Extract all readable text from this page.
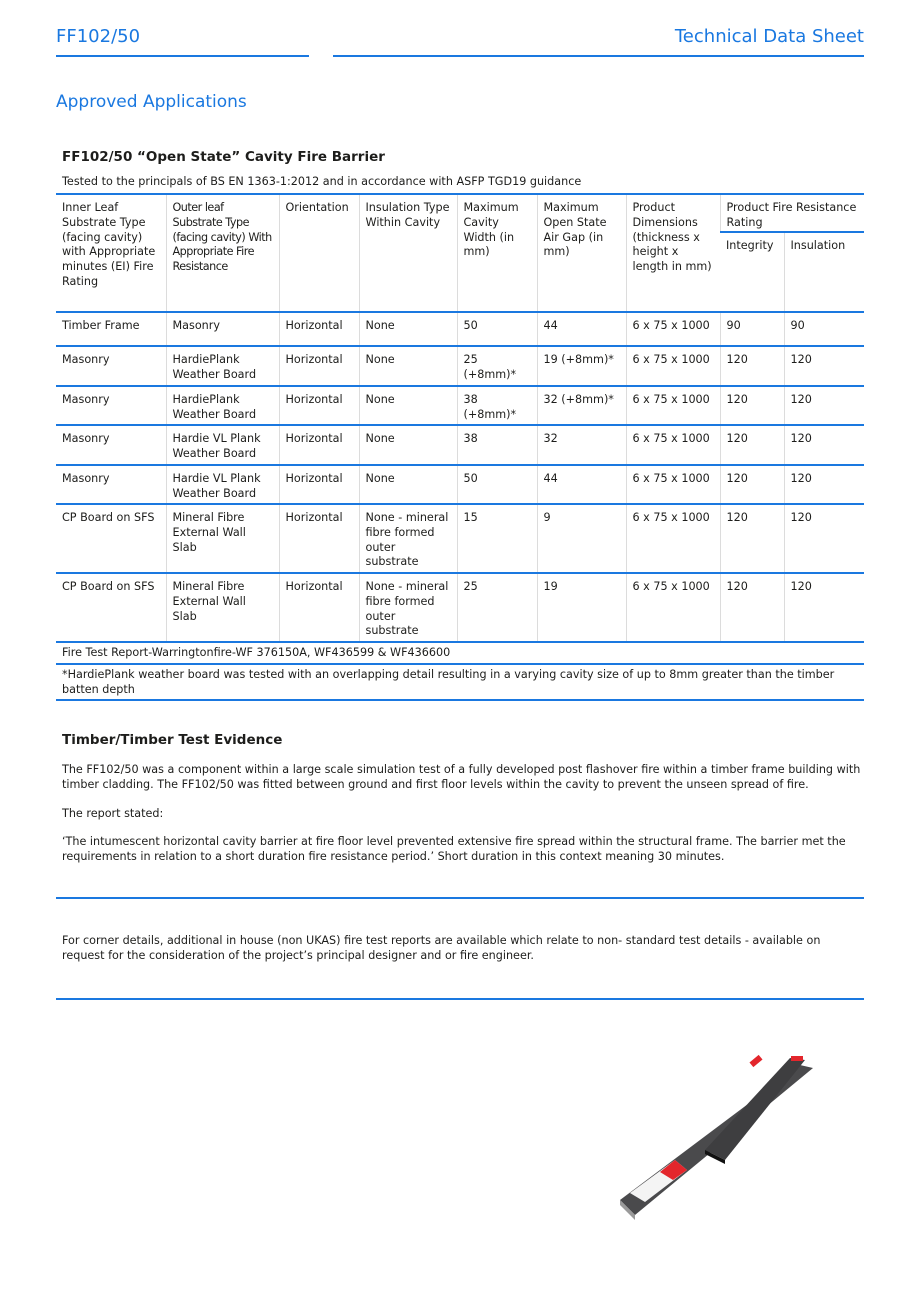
FF102/50	Technical Data Sheet
Approved Applications
FF102/50 “Open State” Cavity Fire Barrier
Tested to the principals of BS EN 1363-1:2012 and in accordance with ASFP TGD19 guidance								
Inner Leaf Substrate Type (facing cavity) with Appropriate minutes (EI) Fire Rating	Outer leaf Substrate Type (facing cavity) With Appropriate Fire Resistance	Orientation	Insulation Type Within Cavity	Maximum Cavity Width (in mm)	Maximum Open State Air Gap (in mm)	Product Dimensions (thickness x height x length in mm)	Product Fire Resistance Rating	
							Integrity	Insulation
Timber Frame	Masonry	Horizontal	None	50	44	6 x 75 x 1000	90	90
Masonry	HardiePlank Weather Board	Horizontal	None	25 (+8mm)*	19 (+8mm)*	6 x 75 x 1000	120	120
Masonry	HardiePlank Weather Board	Horizontal	None	38 (+8mm)*	32 (+8mm)*	6 x 75 x 1000	120	120
Masonry	Hardie VL Plank Weather Board	Horizontal	None	38	32	6 x 75 x 1000	120	120
Masonry	Hardie VL Plank Weather Board	Horizontal	None	50	44	6 x 75 x 1000	120	120
CP Board on SFS	Mineral Fibre External Wall Slab	Horizontal	None - mineral fibre formed outer substrate	15	9	6 x 75 x 1000	120	120
CP Board on SFS	Mineral Fibre External Wall Slab	Horizontal	None - mineral fibre formed outer substrate	25	19	6 x 75 x 1000	120	120
Fire Test Report-Warringtonfire-WF 376150A, WF436599 & WF436600								
*HardiePlank weather board was tested with an overlapping detail resulting in a varying cavity size of up to 8mm greater than the timber batten depth								
Timber/Timber Test Evidence

The FF102/50 was a component within a large scale simulation test of a fully developed post flashover fire within a timber frame building with timber cladding. The FF102/50 was fitted between ground and first floor levels within the cavity to prevent the unseen spread of fire.

The report stated:

‘The intumescent horizontal cavity barrier at fire floor level prevented extensive fire spread within the structural frame. The barrier met the requirements in relation to a short duration fire resistance period.’ Short duration in this context meaning 30 minutes.

For corner details, additional in house (non UKAS) fire test reports are available which relate to non- standard test details - available on request for the consideration of the project’s principal designer and or fire engineer.
